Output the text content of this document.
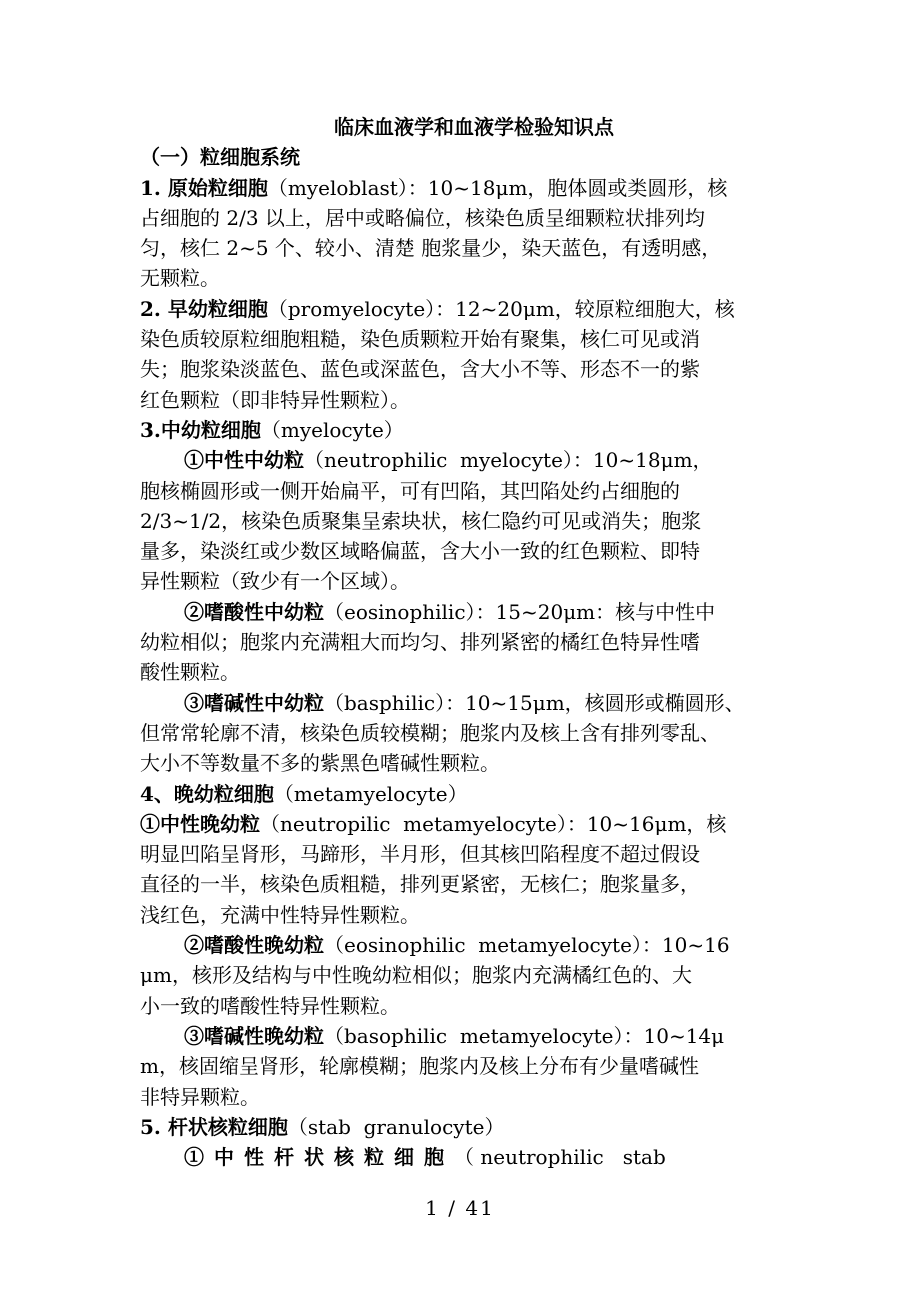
临床血液学和血液学检验知识点
（一）粒细胞系统
1. 原始粒细胞（myeloblast）：10~18μm，胞体圆或类圆形，核
占细胞的 2/3 以上，居中或略偏位，核染色质呈细颗粒状排列均
匀，核仁 2~5 个、较小、清楚 胞浆量少，染天蓝色，有透明感，
无颗粒。
2. 早幼粒细胞（promyelocyte）：12~20μm，较原粒细胞大，核
染色质较原粒细胞粗糙，染色质颗粒开始有聚集，核仁可见或消
失；胞浆染淡蓝色、蓝色或深蓝色，含大小不等、形态不一的紫
红色颗粒（即非特异性颗粒）。
3.中幼粒细胞（myelocyte）
①中性中幼粒（neutrophilic  myelocyte）：10~18μm，
胞核椭圆形或一侧开始扁平，可有凹陷，其凹陷处约占细胞的
2/3~1/2，核染色质聚集呈索块状，核仁隐约可见或消失；胞浆
量多，染淡红或少数区域略偏蓝，含大小一致的红色颗粒、即特
异性颗粒（致少有一个区域）。
②嗜酸性中幼粒（eosinophilic）：15~20μm：核与中性中
幼粒相似；胞浆内充满粗大而均匀、排列紧密的橘红色特异性嗜
酸性颗粒。
③嗜碱性中幼粒（basphilic）：10~15μm，核圆形或椭圆形、
但常常轮廓不清，核染色质较模糊；胞浆内及核上含有排列零乱、
大小不等数量不多的紫黑色嗜碱性颗粒。
4、晚幼粒细胞（metamyelocyte）
①中性晚幼粒（neutropilic  metamyelocyte）：10~16μm，核
明显凹陷呈肾形，马蹄形，半月形，但其核凹陷程度不超过假设
直径的一半，核染色质粗糙，排列更紧密，无核仁；胞浆量多，
浅红色，充满中性特异性颗粒。
②嗜酸性晚幼粒（eosinophilic  metamyelocyte）：10~16
μm，核形及结构与中性晚幼粒相似；胞浆内充满橘红色的、大
小一致的嗜酸性特异性颗粒。
③嗜碱性晚幼粒（basophilic  metamyelocyte）：10~14μ
m，核固缩呈肾形，轮廓模糊；胞浆内及核上分布有少量嗜碱性
非特异颗粒。
5. 杆状核粒细胞（stab  granulocyte）
①中性杆状核粒细胞（ neutrophilic   stab
1 / 41
